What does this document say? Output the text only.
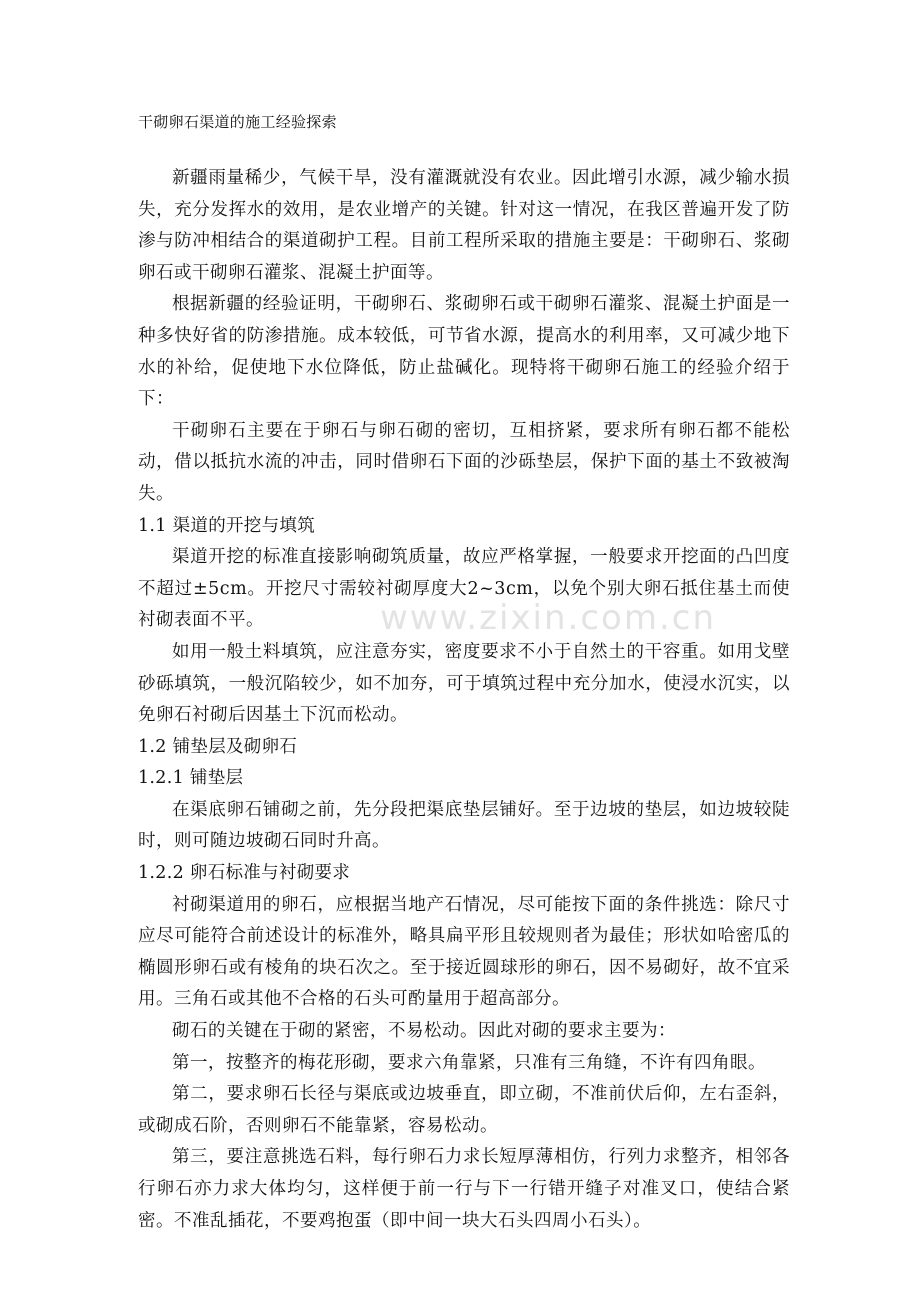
干砌卵石渠道的施工经验探索

新疆雨量稀少，气候干旱，没有灌溉就没有农业。因此增引水源，减少输水损失，充分发挥水的效用，是农业增产的关键。针对这一情况，在我区普遍开发了防渗与防冲相结合的渠道砌护工程。目前工程所采取的措施主要是：干砌卵石、浆砌卵石或干砌卵石灌浆、混凝土护面等。

根据新疆的经验证明，干砌卵石、浆砌卵石或干砌卵石灌浆、混凝土护面是一种多快好省的防渗措施。成本较低，可节省水源，提高水的利用率，又可减少地下水的补给，促使地下水位降低，防止盐碱化。现特将干砌卵石施工的经验介绍于下：

干砌卵石主要在于卵石与卵石砌的密切，互相挤紧，要求所有卵石都不能松动，借以抵抗水流的冲击，同时借卵石下面的沙砾垫层，保护下面的基土不致被淘失。

1.1 渠道的开挖与填筑

渠道开挖的标准直接影响砌筑质量，故应严格掌握，一般要求开挖面的凸凹度不超过±5cm。开挖尺寸需较衬砌厚度大2~3cm，以免个别大卵石抵住基土而使衬砌表面不平。

如用一般土料填筑，应注意夯实，密度要求不小于自然土的干容重。如用戈壁砂砾填筑，一般沉陷较少，如不加夯，可于填筑过程中充分加水，使浸水沉实，以免卵石衬砌后因基土下沉而松动。

1.2 铺垫层及砌卵石

1.2.1 铺垫层

在渠底卵石铺砌之前，先分段把渠底垫层铺好。至于边坡的垫层，如边坡较陡时，则可随边坡砌石同时升高。

1.2.2 卵石标准与衬砌要求

衬砌渠道用的卵石，应根据当地产石情况，尽可能按下面的条件挑选：除尺寸应尽可能符合前述设计的标准外，略具扁平形且较规则者为最佳；形状如哈密瓜的椭圆形卵石或有棱角的块石次之。至于接近圆球形的卵石，因不易砌好，故不宜采用。三角石或其他不合格的石头可酌量用于超高部分。

砌石的关键在于砌的紧密，不易松动。因此对砌的要求主要为：

第一，按整齐的梅花形砌，要求六角靠紧，只准有三角缝，不许有四角眼。

第二，要求卵石长径与渠底或边坡垂直，即立砌，不准前伏后仰，左右歪斜，或砌成石阶，否则卵石不能靠紧，容易松动。

第三，要注意挑选石料，每行卵石力求长短厚薄相仿，行列力求整齐，相邻各行卵石亦力求大体均匀，这样便于前一行与下一行错开缝子对准叉口，使结合紧密。不准乱插花，不要鸡抱蛋（即中间一块大石头四周小石头）。

www.zixin.com.cn
